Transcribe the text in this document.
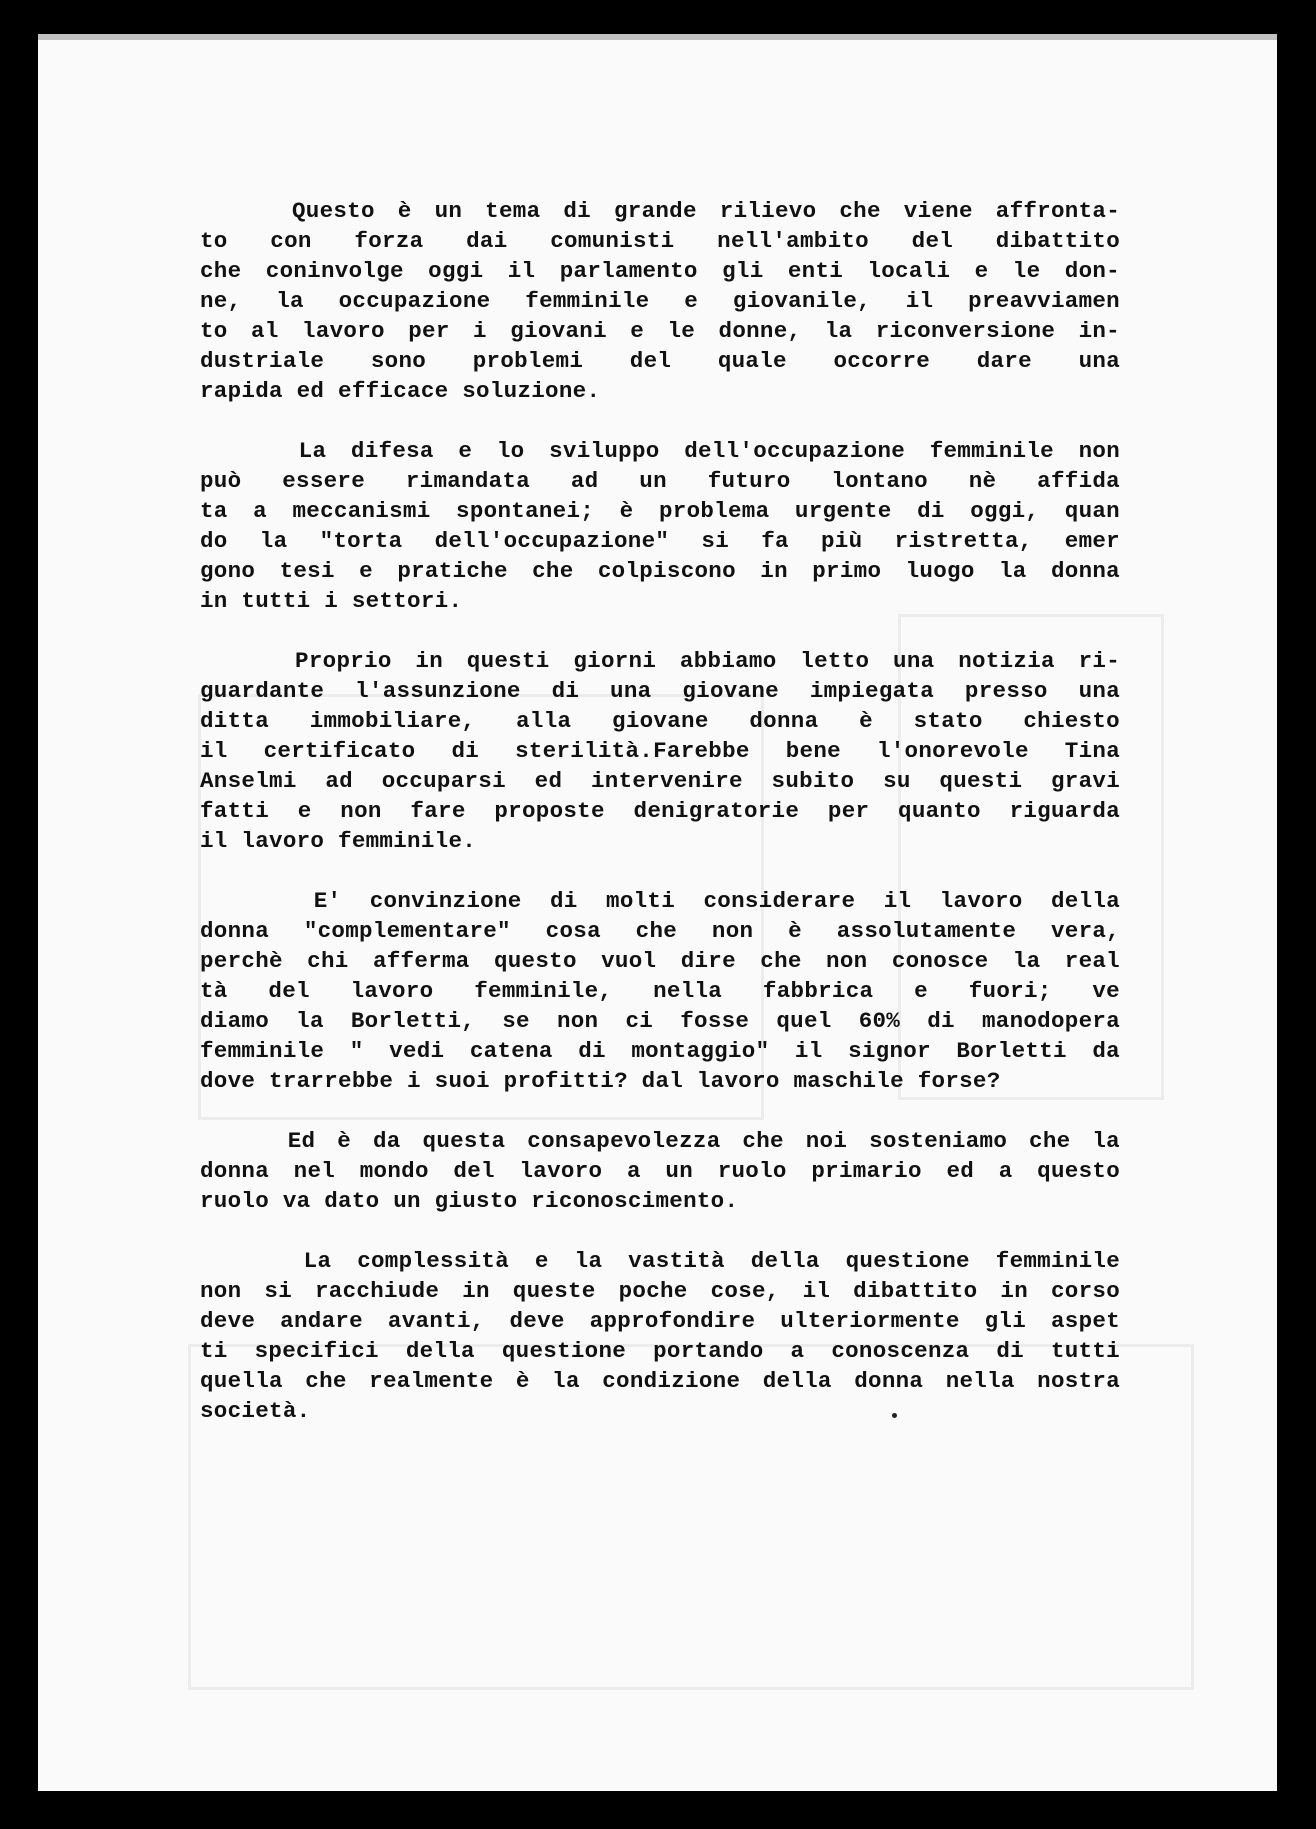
Questo è un tema di grande rilievo che viene affronta-
to con forza dai comunisti nell'ambito del dibattito
che coninvolge oggi il parlamento gli enti locali e le don-
ne, la occupazione femminile e giovanile, il preavviamen
to al lavoro per i giovani e le donne, la riconversione in-
dustriale sono problemi del quale occorre dare una
rapida ed efficace soluzione.
La difesa e lo sviluppo dell'occupazione femminile non
può essere rimandata ad un futuro lontano nè affida
ta a meccanismi spontanei; è problema urgente di oggi, quan
do la "torta dell'occupazione" si fa più ristretta, emer
gono tesi e pratiche che colpiscono in primo luogo la donna
in tutti i settori.
Proprio in questi giorni abbiamo letto una notizia ri-
guardante l'assunzione di una giovane impiegata presso una
ditta immobiliare, alla giovane donna è stato chiesto
il certificato di sterilità.Farebbe bene l'onorevole Tina
Anselmi ad occuparsi ed intervenire subito su questi gravi
fatti e non fare proposte denigratorie per quanto riguarda
il lavoro femminile.
E' convinzione di molti considerare il lavoro della
donna "complementare" cosa che non è assolutamente vera,
perchè chi afferma questo vuol dire che non conosce la real
tà del lavoro femminile, nella fabbrica e fuori; ve
diamo la Borletti, se non ci fosse quel 60% di manodopera
femminile " vedi catena di montaggio" il signor Borletti da
dove trarrebbe i suoi profitti? dal lavoro maschile forse?
Ed è da questa consapevolezza che noi sosteniamo che la
donna nel mondo del lavoro a un ruolo primario ed a questo
ruolo va dato un giusto riconoscimento.
La complessità e la vastità della questione femminile
non si racchiude in queste poche cose, il dibattito in corso
deve andare avanti, deve approfondire ulteriormente gli aspet
ti specifici della questione portando a conoscenza di tutti
quella che realmente è la condizione della donna nella nostra
società.
